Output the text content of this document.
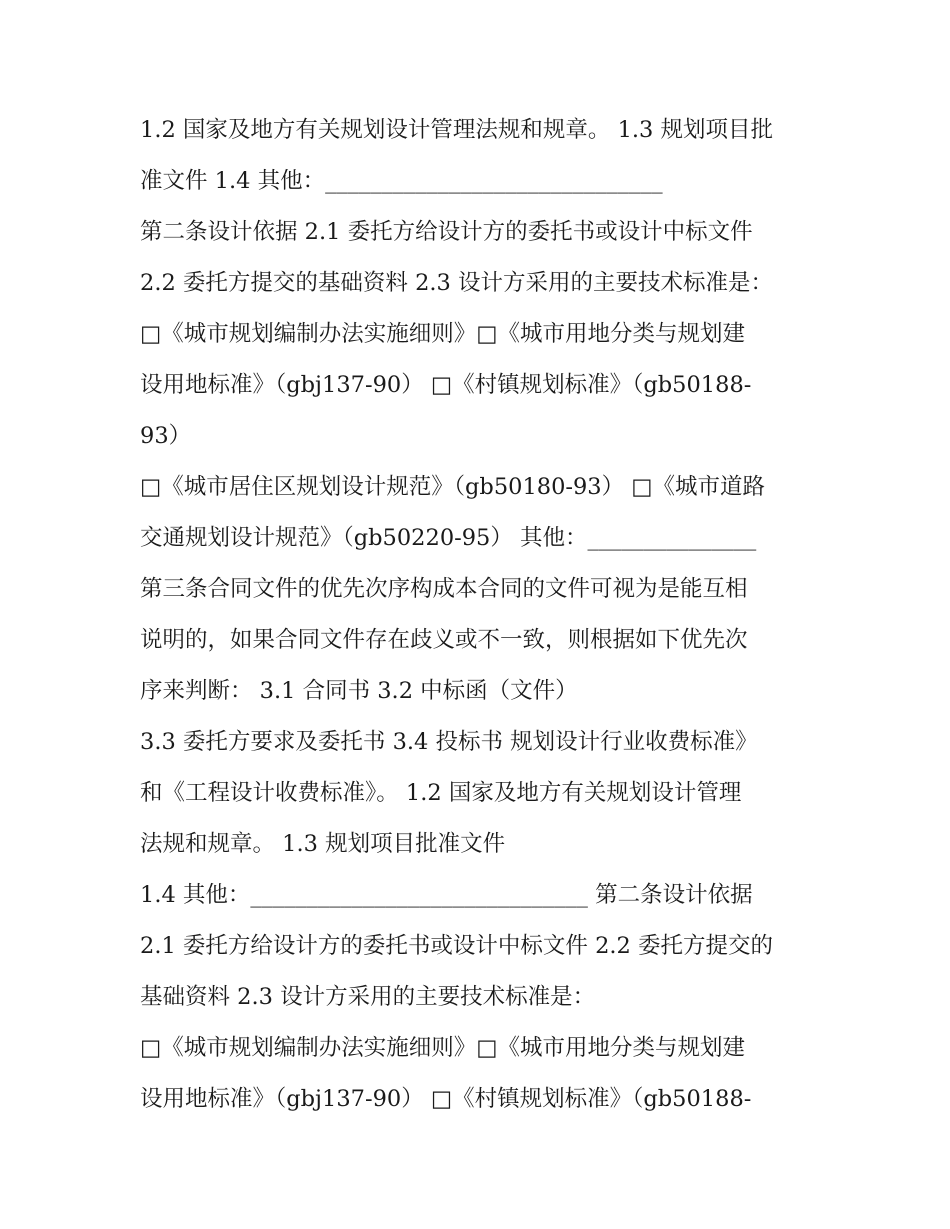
1.2 国家及地方有关规划设计管理法规和规章。 1.3 规划项目批
准文件 1.4 其他：______________________________
第二条设计依据 2.1 委托方给设计方的委托书或设计中标文件
2.2 委托方提交的基础资料 2.3 设计方采用的主要技术标准是：
□《城市规划编制办法实施细则》□《城市用地分类与规划建
设用地标准》（gbj137-90） □《村镇规划标准》（gb50188-
93）
□《城市居住区规划设计规范》（gb50180-93） □《城市道路
交通规划设计规范》（gb50220-95） 其他：_______________
第三条合同文件的优先次序构成本合同的文件可视为是能互相
说明的，如果合同文件存在歧义或不一致，则根据如下优先次
序来判断： 3.1 合同书 3.2 中标函（文件）
3.3 委托方要求及委托书 3.4 投标书 规划设计行业收费标准》
和《工程设计收费标准》。 1.2 国家及地方有关规划设计管理
法规和规章。 1.3 规划项目批准文件
1.4 其他：______________________________ 第二条设计依据
2.1 委托方给设计方的委托书或设计中标文件 2.2 委托方提交的
基础资料 2.3 设计方采用的主要技术标准是：
□《城市规划编制办法实施细则》□《城市用地分类与规划建
设用地标准》（gbj137-90） □《村镇规划标准》（gb50188-
